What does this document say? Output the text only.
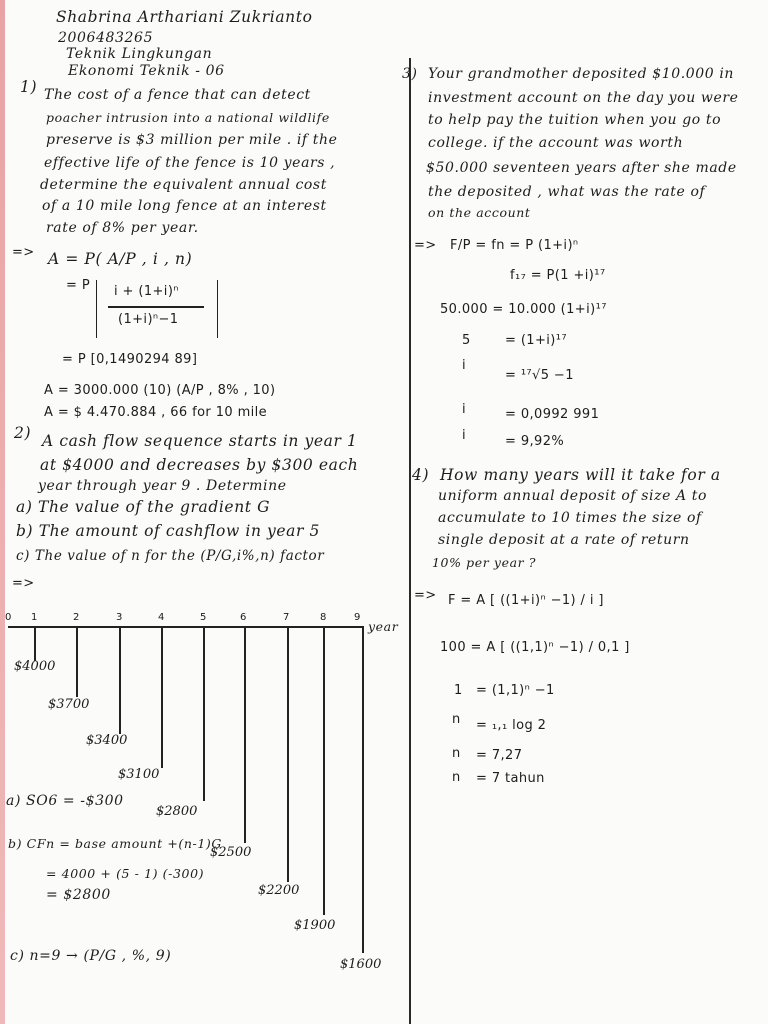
Shabrina Arthariani Zukrianto
2006483265
Teknik Lingkungan
Ekonomi Teknik - 06
1) The cost of a fence that can detect
poacher intrusion into a national wildlife
preserve is $3 million per mile . if the
effective life of the fence is 10 years ,
determine the equivalent annual cost
of a 10 mile long fence at an interest
rate of 8% per year.
=> A = P( A/P , i , n)
= P i + (1+i)ⁿ
(1+i)ⁿ−1
= P [0,1490294 89]
A = 3000.000 (10) (A/P , 8% , 10)
A = $ 4.470.884 , 66 for 10 mile
2) A cash flow sequence starts in year 1
at $4000 and decreases by $300 each
year through year 9 . Determine
a) The value of the gradient G
b) The amount of cashflow in year 5
c) The value of n for the (P/G,i%,n) factor
=>
year
0 1	2	3	4	5	6	7	8	9
$4000
$3700
$3400
$3100
$2800
$2500
$2200
$1900
$1600
a) SO6 = -$300
b) CFn = base amount +(n-1)G
= 4000 + (5 - 1) (-300)
= $2800
c) n=9 → (P/G , %, 9)
3) Your grandmother deposited $10.000 in
investment account on the day you were
to help pay the tuition when you go to
college. if the account was worth
$50.000 seventeen years after she made
the deposited , what was the rate of
on the account
=> F/P = fn = P (1+i)ⁿ
f₁₇ = P(1 +i)¹⁷
50.000 = 10.000 (1+i)¹⁷
5	= (1+i)¹⁷
i
= ¹⁷√5 −1
i	= 0,0992 991
i	= 9,92%
4) How many years will it take for a
uniform annual deposit of size A to
accumulate to 10 times the size of
single deposit at a rate of return
10% per year ?
=> F = A [ ((1+i)ⁿ −1) / i ]
100 = A [ ((1,1)ⁿ −1) / 0,1 ]
1 = (1,1)ⁿ −1
n = ₁,₁ log 2
n = 7,27
n = 7 tahun
